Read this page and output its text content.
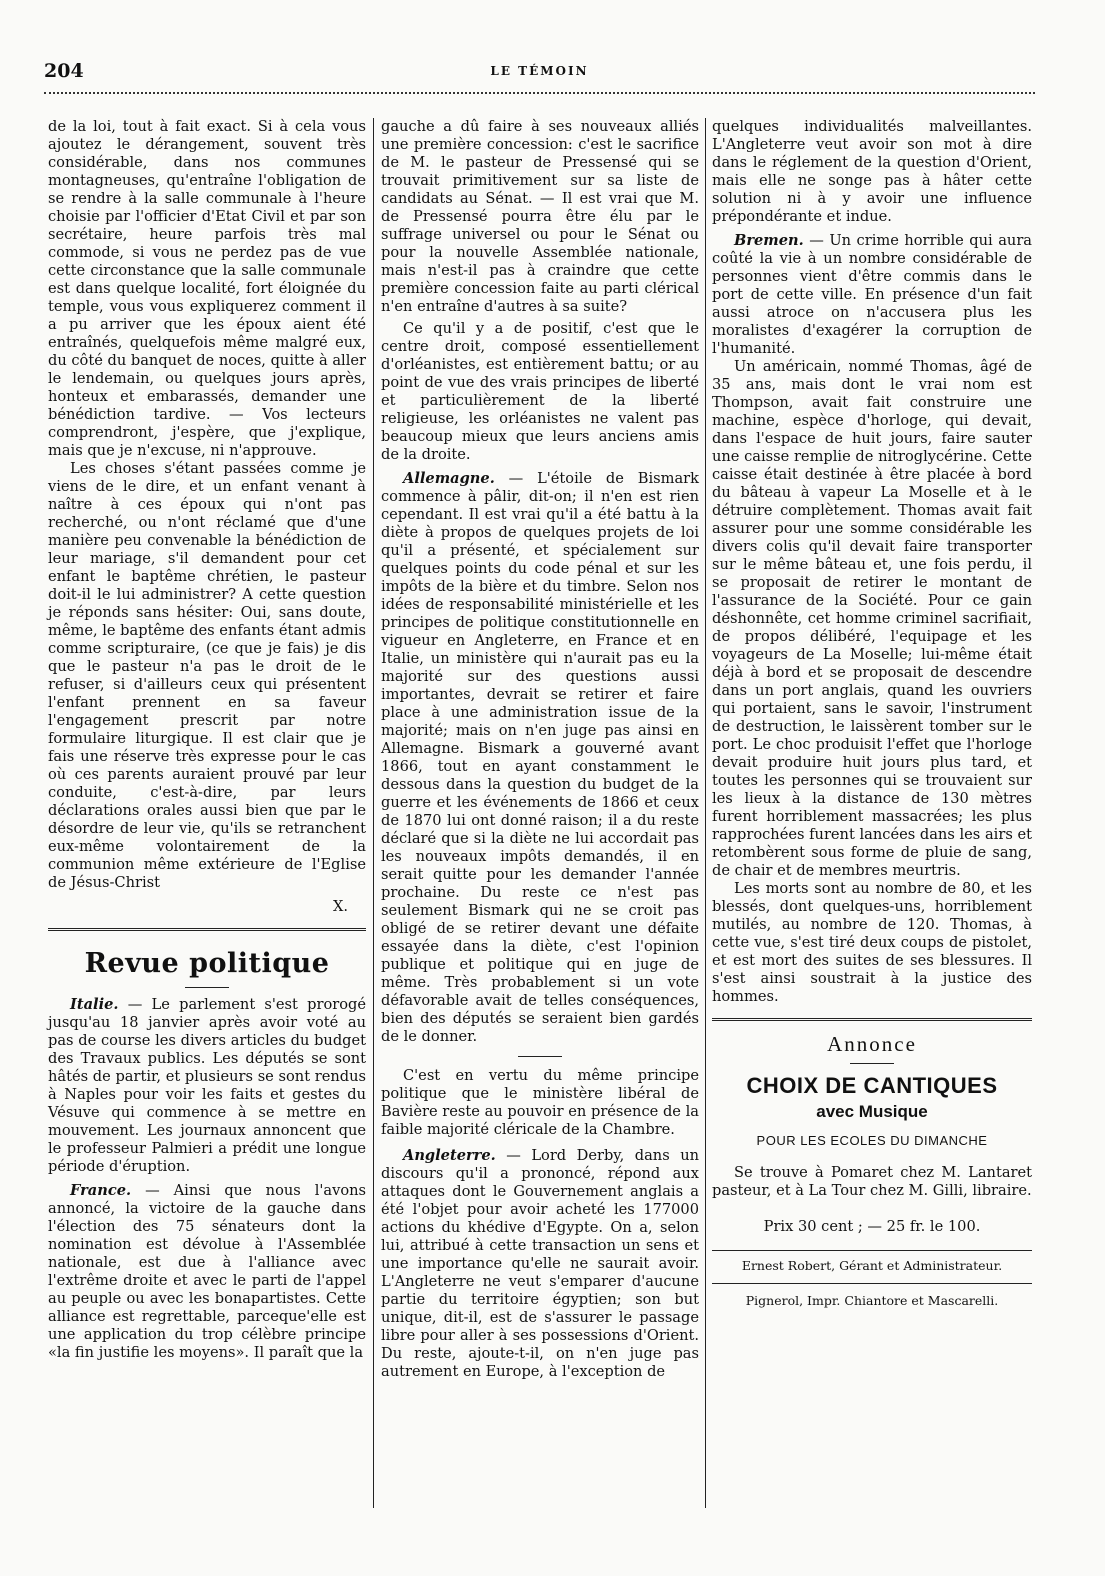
204	LE TÉMOIN

de la loi, tout à fait exact. Si à cela vous ajoutez le dérangement, souvent très considérable, dans nos communes montagneuses, qu'entraîne l'obligation de se rendre à la salle communale à l'heure choisie par l'officier d'Etat Civil et par son secrétaire, heure parfois très mal commode, si vous ne perdez pas de vue cette circonstance que la salle communale est dans quelque localité, fort éloignée du temple, vous vous expliquerez comment il a pu arriver que les époux aient été entraînés, quelquefois même malgré eux, du côté du banquet de noces, quitte à aller le lendemain, ou quelques jours après, honteux et embarassés, demander une bénédiction tardive. — Vos lecteurs comprendront, j'espère, que j'explique, mais que je n'excuse, ni n'approuve.

Les choses s'étant passées comme je viens de le dire, et un enfant venant à naître à ces époux qui n'ont pas recherché, ou n'ont réclamé que d'une manière peu convenable la bénédiction de leur mariage, s'il demandent pour cet enfant le baptême chrétien, le pasteur doit-il le lui administrer? A cette question je réponds sans hésiter: Oui, sans doute, même, le baptême des enfants étant admis comme scripturaire, (ce que je fais) je dis que le pasteur n'a pas le droit de le refuser, si d'ailleurs ceux qui présentent l'enfant prennent en sa faveur l'engagement prescrit par notre formulaire liturgique. Il est clair que je fais une réserve très expresse pour le cas où ces parents auraient prouvé par leur conduite, c'est-à-dire, par leurs déclarations orales aussi bien que par le désordre de leur vie, qu'ils se retranchent eux-même volontairement de la communion même extérieure de l'Eglise de Jésus-Christ

X.

Revue politique

Italie. — Le parlement s'est prorogé jusqu'au 18 janvier après avoir voté au pas de course les divers articles du budget des Travaux publics. Les députés se sont hâtés de partir, et plusieurs se sont rendus à Naples pour voir les faits et gestes du Vésuve qui commence à se mettre en mouvement. Les journaux annoncent que le professeur Palmieri a prédit une longue période d'éruption.

France. — Ainsi que nous l'avons annoncé, la victoire de la gauche dans l'élection des 75 sénateurs dont la nomination est dévolue à l'Assemblée nationale, est due à l'alliance avec l'extrême droite et avec le parti de l'appel au peuple ou avec les bonapartistes. Cette alliance est regrettable, parceque'elle est une application du trop célèbre principe «la fin justifie les moyens». Il paraît que la

gauche a dû faire à ses nouveaux alliés une première concession: c'est le sacrifice de M. le pasteur de Pressensé qui se trouvait primitivement sur sa liste de candidats au Sénat. — Il est vrai que M. de Pressensé pourra être élu par le suffrage universel ou pour le Sénat ou pour la nouvelle Assemblée nationale, mais n'est-il pas à craindre que cette première concession faite au parti clérical n'en entraîne d'autres à sa suite?

Ce qu'il y a de positif, c'est que le centre droit, composé essentiellement d'orléanistes, est entièrement battu; or au point de vue des vrais principes de liberté et particulièrement de la liberté religieuse, les orléanistes ne valent pas beaucoup mieux que leurs anciens amis de la droite.

Allemagne. — L'étoile de Bismark commence à pâlir, dit-on; il n'en est rien cependant. Il est vrai qu'il a été battu à la diète à propos de quelques projets de loi qu'il a présenté, et spécialement sur quelques points du code pénal et sur les impôts de la bière et du timbre. Selon nos idées de responsabilité ministérielle et les principes de politique constitutionnelle en vigueur en Angleterre, en France et en Italie, un ministère qui n'aurait pas eu la majorité sur des questions aussi importantes, devrait se retirer et faire place à une administration issue de la majorité; mais on n'en juge pas ainsi en Allemagne. Bismark a gouverné avant 1866, tout en ayant constamment le dessous dans la question du budget de la guerre et les événements de 1866 et ceux de 1870 lui ont donné raison; il a du reste déclaré que si la diète ne lui accordait pas les nouveaux impôts demandés, il en serait quitte pour les demander l'année prochaine. Du reste ce n'est pas seulement Bismark qui ne se croit pas obligé de se retirer devant une défaite essayée dans la diète, c'est l'opinion publique et politique qui en juge de même. Très probablement si un vote défavorable avait de telles conséquences, bien des députés se seraient bien gardés de le donner.

C'est en vertu du même principe politique que le ministère libéral de Bavière reste au pouvoir en présence de la faible majorité cléricale de la Chambre.

Angleterre. — Lord Derby, dans un discours qu'il a prononcé, répond aux attaques dont le Gouvernement anglais a été l'objet pour avoir acheté les 177000 actions du khédive d'Egypte. On a, selon lui, attribué à cette transaction un sens et une importance qu'elle ne saurait avoir. L'Angleterre ne veut s'emparer d'aucune partie du territoire égyptien; son but unique, dit-il, est de s'assurer le passage libre pour aller à ses possessions d'Orient. Du reste, ajoute-t-il, on n'en juge pas autrement en Europe, à l'exception de

quelques individualités malveillantes. L'Angleterre veut avoir son mot à dire dans le réglement de la question d'Orient, mais elle ne songe pas à hâter cette solution ni à y avoir une influence prépondérante et indue.

Bremen. — Un crime horrible qui aura coûté la vie à un nombre considérable de personnes vient d'être commis dans le port de cette ville. En présence d'un fait aussi atroce on n'accusera plus les moralistes d'exagérer la corruption de l'humanité.

Un américain, nommé Thomas, âgé de 35 ans, mais dont le vrai nom est Thompson, avait fait construire une machine, espèce d'horloge, qui devait, dans l'espace de huit jours, faire sauter une caisse remplie de nitroglycérine. Cette caisse était destinée à être placée à bord du bâteau à vapeur La Moselle et à le détruire complètement. Thomas avait fait assurer pour une somme considérable les divers colis qu'il devait faire transporter sur le même bâteau et, une fois perdu, il se proposait de retirer le montant de l'assurance de la Société. Pour ce gain déshonnête, cet homme criminel sacrifiait, de propos délibéré, l'equipage et les voyageurs de La Moselle; lui-même était déjà à bord et se proposait de descendre dans un port anglais, quand les ouvriers qui portaient, sans le savoir, l'instrument de destruction, le laissèrent tomber sur le port. Le choc produisit l'effet que l'horloge devait produire huit jours plus tard, et toutes les personnes qui se trouvaient sur les lieux à la distance de 130 mètres furent horriblement massacrées; les plus rapprochées furent lancées dans les airs et retombèrent sous forme de pluie de sang, de chair et de membres meurtris.

Les morts sont au nombre de 80, et les blessés, dont quelques-uns, horriblement mutilés, au nombre de 120. Thomas, à cette vue, s'est tiré deux coups de pistolet, et est mort des suites de ses blessures. Il s'est ainsi soustrait à la justice des hommes.

Annonce
CHOIX DE CANTIQUES
avec Musique
POUR LES ECOLES DU DIMANCHE

Se trouve à Pomaret chez M. Lantaret pasteur, et à La Tour chez M. Gilli, libraire.

Prix 30 cent ; — 25 fr. le 100.

Ernest Robert, Gérant et Administrateur.

Pignerol, Impr. Chiantore et Mascarelli.
